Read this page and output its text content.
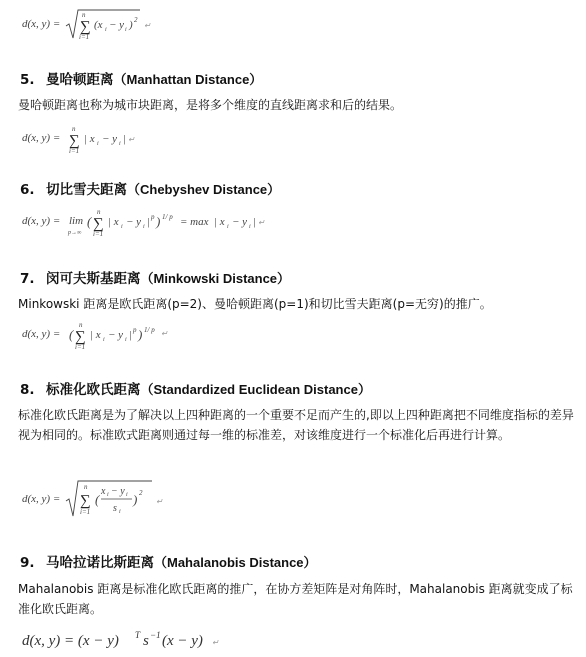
d(x, y) =
n
∑
i=1
(x i − y i ) 2
↵
5. 曼哈顿距离（Manhattan Distance）
曼哈顿距离也称为城市块距离，是将多个维度的直线距离求和后的结果。
d(x, y) =
n
∑
i=1
| x i − y i | ↵
6. 切比雪夫距离（Chebyshev Distance）
d(x, y) = lim
p→∞
(
n
∑
i=1
| x i − y i | p ) 1/ p = max | x i − y i | ↵
7. 闵可夫斯基距离（Minkowski Distance）
Minkowski 距离是欧氏距离(p=2)、曼哈顿距离(p=1)和切比雪夫距离(p=无穷)的推广。
d(x, y) = (
n
∑
i=1
| x i − y i | p ) 1/ p ↵
8. 标准化欧氏距离（Standardized Euclidean Distance）
标准化欧氏距离是为了解决以上四种距离的一个重要不足而产生的,即以上四种距离把不同维度指标的差异视为相同的。标准欧式距离则通过每一维的标准差，对该维度进行一个标准化后再进行计算。
d(x, y) =
n
∑
i=1
(
x i − y i
s i
) 2
↵
9. 马哈拉诺比斯距离（Mahalanobis Distance）
Mahalanobis 距离是标准化欧氏距离的推广，在协方差矩阵是对角阵时，Mahalanobis 距离就变成了标准化欧氏距离。
d(x, y) = (x − y) T s −1 (x − y) ↵
